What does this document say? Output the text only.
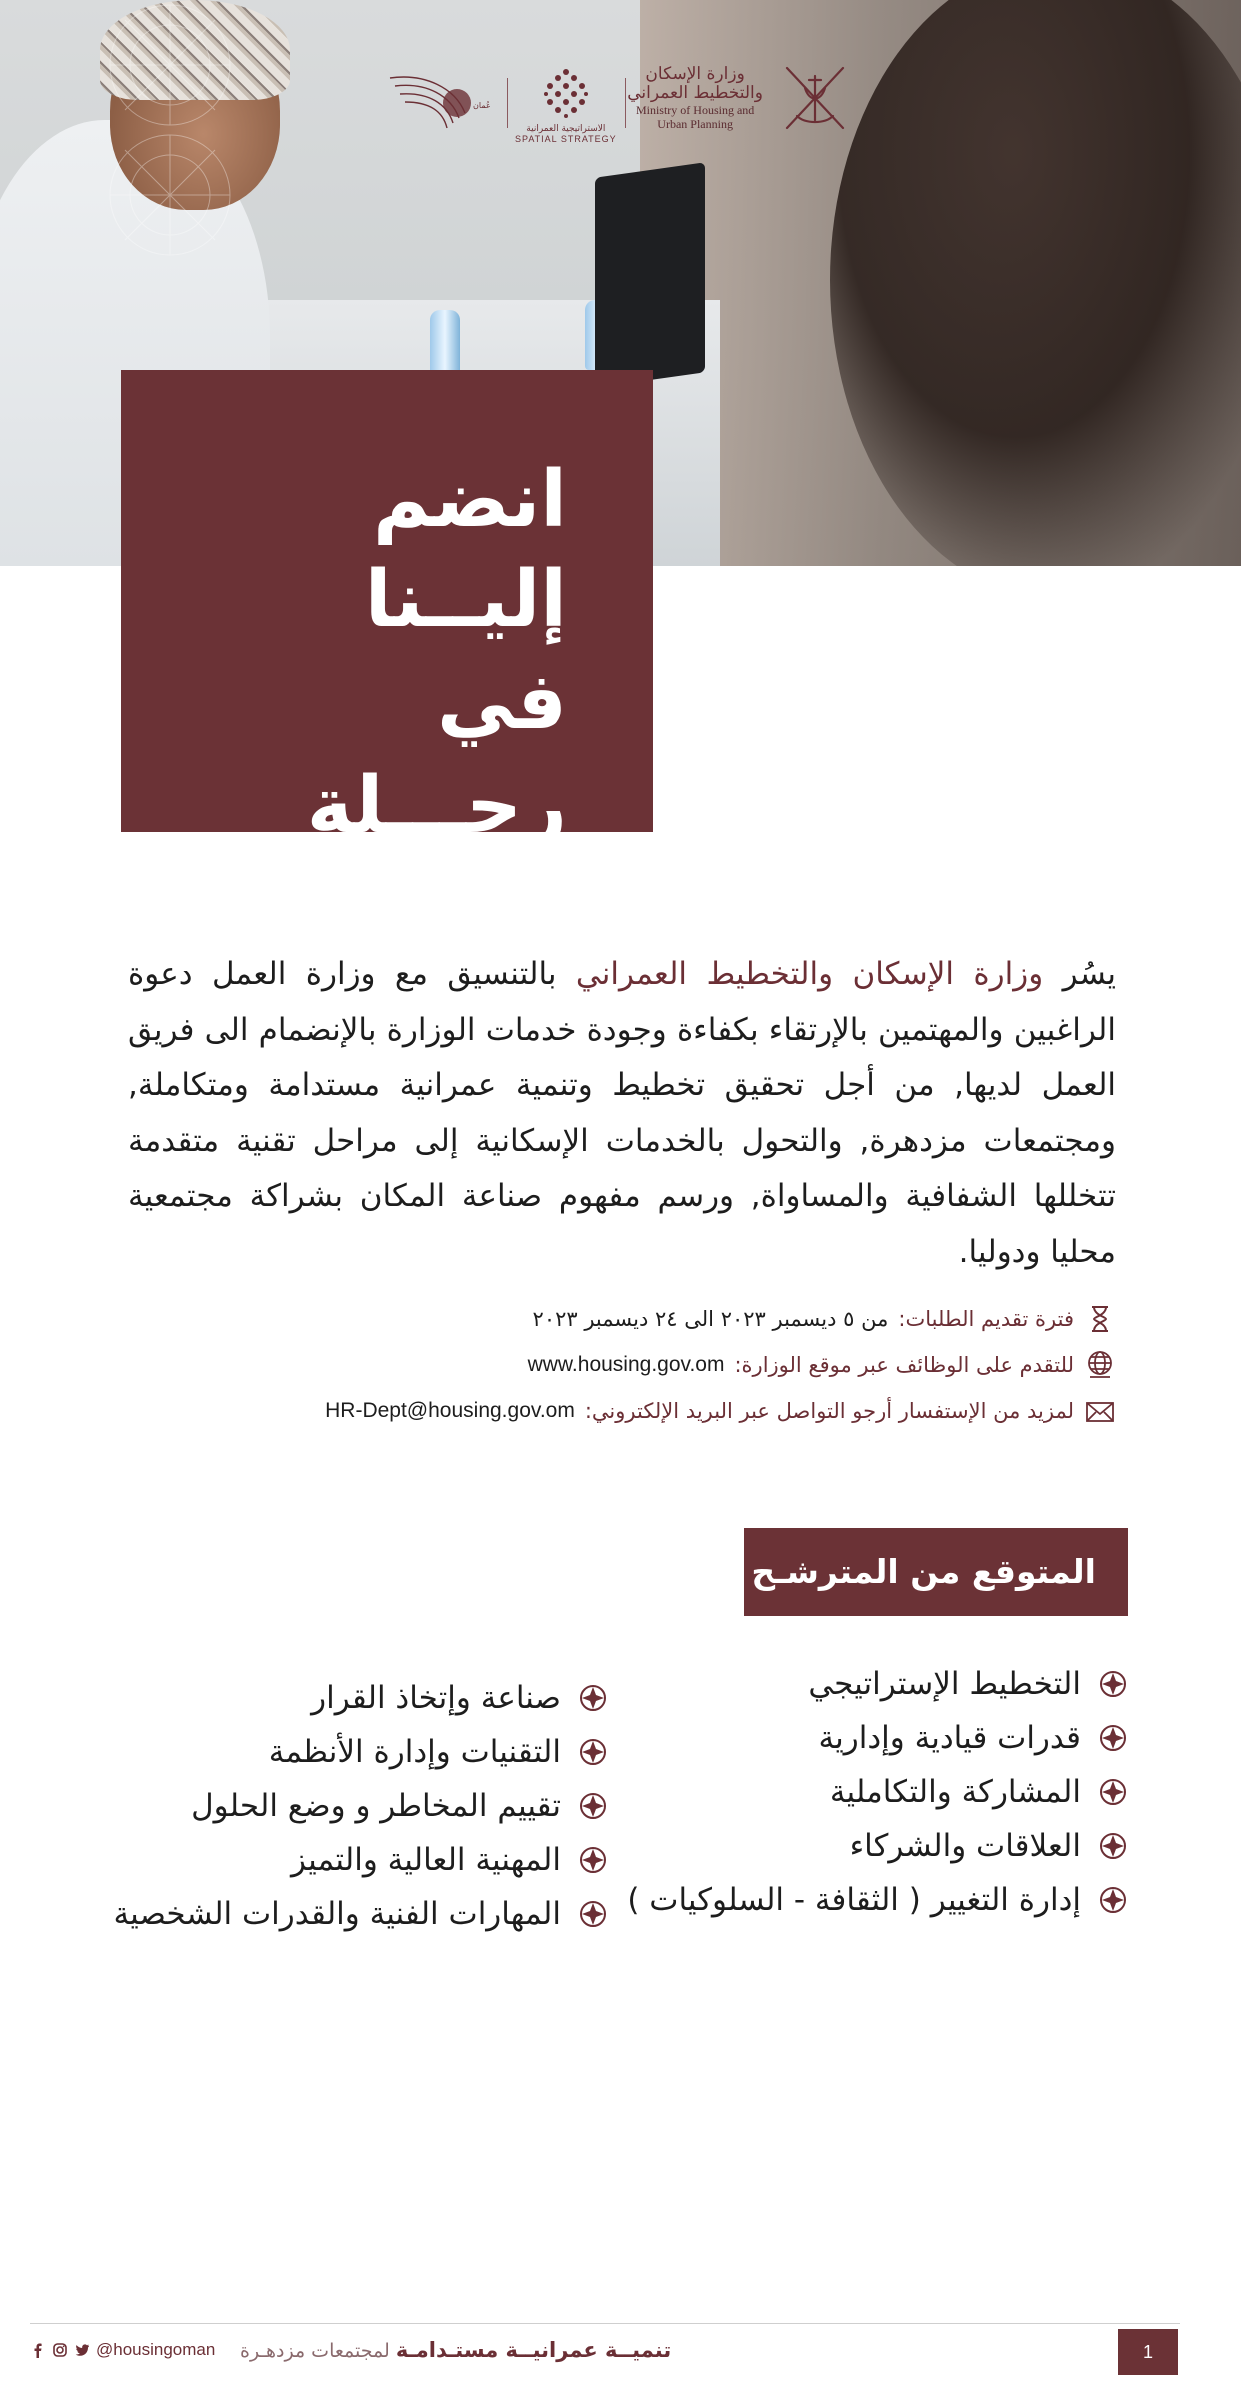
عُمان
الاستراتيجية العمرانية
SPATIAL STRATEGY
وزارة الإسكان
والتخطيط العمراني
Ministry of Housing and
Urban Planning
انضم إليــنا
في رحـــلة
التحـول الشـامل

يسُر وزارة الإسكان والتخطيط العمراني بالتنسيق مع وزارة العمل دعوة الراغبين والمهتمين بالإرتقاء بكفاءة وجودة خدمات الوزارة بالإنضمام الى فريق العمل لديها, من أجل تحقيق تخطيط وتنمية عمرانية مستدامة ومتكاملة, ومجتمعات مزدهرة, والتحول بالخدمات الإسكانية إلى مراحل تقنية متقدمة تتخللها الشفافية والمساواة, ورسم مفهوم صناعة المكان بشراكة مجتمعية محليا ودوليا.

فترة تقديم الطلبات:
من ٥ ديسمبر ٢٠٢٣ الى ٢٤ ديسمبر ٢٠٢٣
للتقدم على الوظائف عبر موقع الوزارة:
www.housing.gov.om
لمزيد من الإستفسار أرجو التواصل عبر البريد الإلكتروني:
HR-Dept@housing.gov.om
المتوقع من المترشـح
التخطيط الإستراتيجي
قدرات قيادية وإدارية
المشاركة والتكاملية
العلاقات والشركاء
إدارة التغيير ( الثقافة - السلوكيات )
صناعة وإتخاذ القرار
التقنيات وإدارة الأنظمة
تقييم المخاطر و وضع الحلول
المهنية العالية والتميز
المهارات الفنية والقدرات الشخصية
@housingoman	تنميــة عمرانيــة مستـدامـة لمجتمعات مزدهـرة	1
